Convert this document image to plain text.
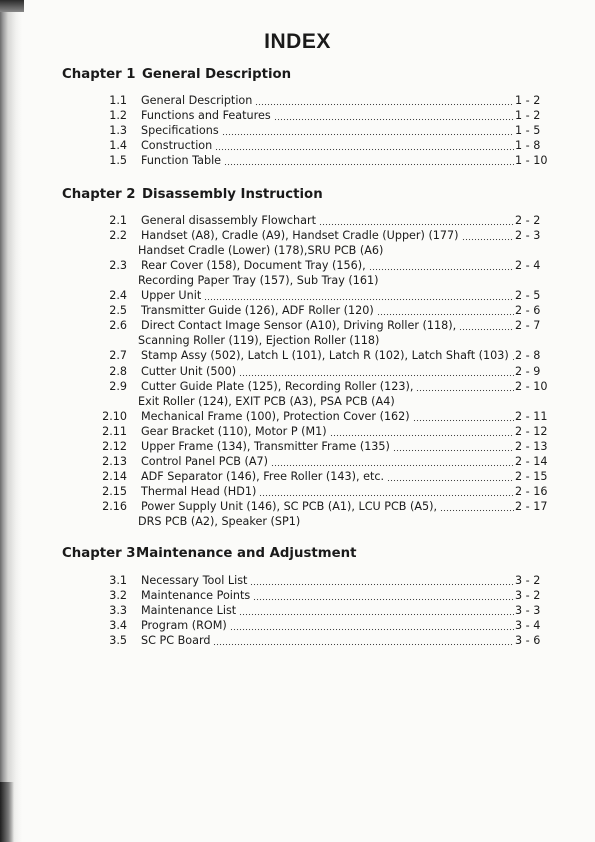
INDEX
Chapter 1 General Description
1.1 General Description	1 - 2
1.2 Functions and Features	1 - 2
1.3 Specifications	1 - 5
1.4 Construction	1 - 8
1.5 Function Table	1 - 10
Chapter 2 Disassembly Instruction
2.1 General disassembly Flowchart	2 - 2
2.2 Handset (A8), Cradle (A9), Handset Cradle (Upper) (177)	2 - 3
Handset Cradle (Lower) (178),SRU PCB (A6)
2.3 Rear Cover (158), Document Tray (156),	2 - 4
Recording Paper Tray (157), Sub Tray (161)
2.4 Upper Unit	2 - 5
2.5 Transmitter Guide (126), ADF Roller (120)	2 - 6
2.6 Direct Contact Image Sensor (A10), Driving Roller (118),	2 - 7
Scanning Roller (119), Ejection Roller (118)
2.7 Stamp Assy (502), Latch L (101), Latch R (102), Latch Shaft (103) 2 - 8
2.8 Cutter Unit (500)	2 - 9
2.9 Cutter Guide Plate (125), Recording Roller (123),	2 - 10
Exit Roller (124), EXIT PCB (A3), PSA PCB (A4)
2.10 Mechanical Frame (100), Protection Cover (162)	2 - 11
2.11 Gear Bracket (110), Motor P (M1)	2 - 12
2.12 Upper Frame (134), Transmitter Frame (135)	2 - 13
2.13 Control Panel PCB (A7)	2 - 14
2.14 ADF Separator (146), Free Roller (143), etc.	2 - 15
2.15 Thermal Head (HD1)	2 - 16
2.16 Power Supply Unit (146), SC PCB (A1), LCU PCB (A5),	2 - 17
DRS PCB (A2), Speaker (SP1)
Chapter 3 Maintenance and Adjustment
3.1 Necessary Tool List	3 - 2
3.2 Maintenance Points	3 - 2
3.3 Maintenance List	3 - 3
3.4 Program (ROM)	3 - 4
3.5 SC PC Board	3 - 6
